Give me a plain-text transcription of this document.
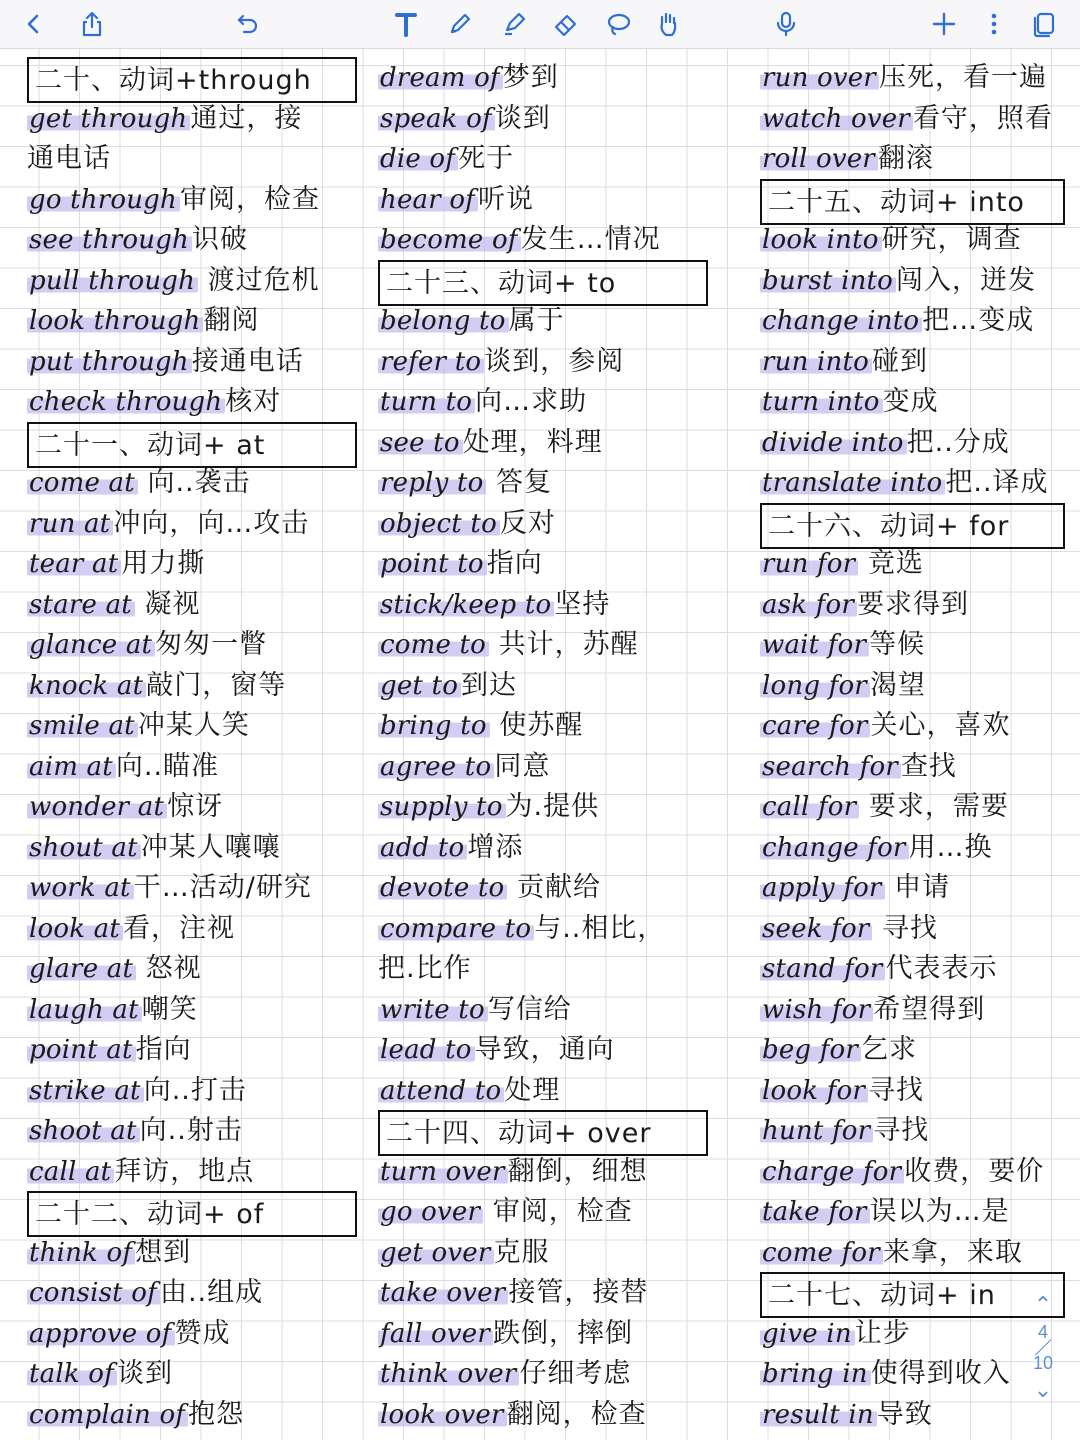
二十、动词+through
get through 通过，接
通电话
go through 审阅，检查
see through 识破
pull through 渡过危机
look through 翻阅
put through 接通电话
check through 核对
二十一、动词+ at
come at 向..袭击
run at 冲向，向…攻击
tear at 用力撕
stare at 凝视
glance at 匆匆一瞥
knock at 敲门，窗等
smile at 冲某人笑
aim at 向..瞄准
wonder at 惊讶
shout at 冲某人嚷嚷
work at 干…活动/研究
look at 看，注视
glare at 怒视
laugh at 嘲笑
point at 指向
strike at 向..打击
shoot at 向..射击
call at 拜访，地点
二十二、动词+ of
think of 想到
consist of 由..组成
approve of 赞成
talk of 谈到
complain of 抱怨
dream of 梦到
speak of 谈到
die of 死于
hear of 听说
become of 发生…情况
二十三、动词+ to
belong to 属于
refer to 谈到，参阅
turn to 向…求助
see to 处理，料理
reply to 答复
object to 反对
point to 指向
stick/keep to 坚持
come to 共计，苏醒
get to 到达
bring to 使苏醒
agree to 同意
supply to 为.提供
add to 增添
devote to 贡献给
compare to 与..相比，
把.比作
write to 写信给
lead to 导致，通向
attend to 处理
二十四、动词+ over
turn over 翻倒，细想
go over 审阅，检查
get over 克服
take over 接管，接替
fall over 跌倒，摔倒
think over 仔细考虑
look over 翻阅，检查
run over 压死，看一遍
watch over 看守，照看
roll over 翻滚
二十五、动词+ into
look into 研究，调查
burst into 闯入，迸发
change into 把…变成
run into 碰到
turn into 变成
divide into 把..分成
translate into 把..译成
二十六、动词+ for
run for 竞选
ask for 要求得到
wait for 等候
long for 渴望
care for 关心，喜欢
search for 查找
call for 要求，需要
change for 用…换
apply for 申请
seek for 寻找
stand for 代表表示
wish for 希望得到
beg for 乞求
look for 寻找
hunt for 寻找
charge for 收费，要价
take for 误以为…是
come for 来拿，来取
二十七、动词+ in
give in 让步
bring in 使得到收入
result in 导致
⌃
4
10
⌄
